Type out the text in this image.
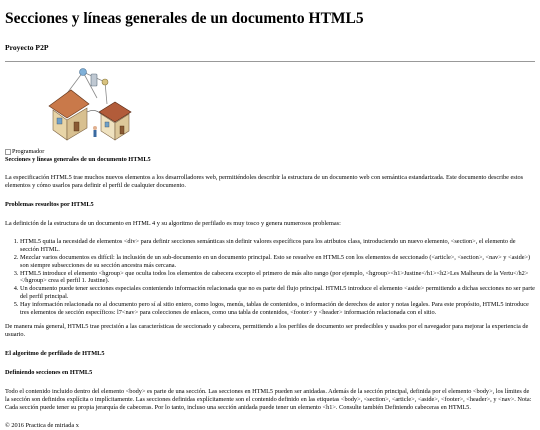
Secciones y líneas generales de un documento HTML5
Proyecto P2P
Programador
Secciones y líneas generales de un documento HTML5

La especificación HTML5 trae muchos nuevos elementos a los desarrolladores web, permitiéndoles describir la estructura de un documento web con semántica estandarizada. Este documento describe estos elementos y cómo usarlos para definir el perfil de cualquier documento.

Problemas resueltos por HTML5

La definición de la estructura de un documento en HTML 4 y su algoritmo de perfilado es muy tosco y genera numerosos problemas:

1. HTML5 quita la necesidad de elementos <div> para definir secciones semánticas sin definir valores específicos para los atributos class, introduciendo un nuevo elemento, <section>, el elemento de sección HTML.
2. Mezclar varios documentos es difícil: la inclusión de un sub-documento en un documento principal. Esto se resuelve en HTML5 con los elementos de seccionado (<article>, <section>, <nav> y <aside>) son siempre subsecciones de su sección ancestra más cercana.
3. HTML5 introduce el elemento <hgroup> que oculta todos los elementos de cabecera excepto el primero de más alto rango (por ejemplo, <hgroup><h1>Justine</h1><h2>Les Malheurs de la Vertu</h2></hgroup> crea el perfil 1. Justine).
4. Un documento puede tener secciones especiales conteniendo información relacionada que no es parte del flujo principal. HTML5 introduce el elemento <aside> permitiendo a dichas secciones no ser parte del perfil principal.
5. Hay información relacionada no al documento pero sí al sitio entero, como logos, menús, tablas de contenidos, o información de derechos de autor y notas legales. Para este propósito, HTML5 introduce tres elementos de sección específicos: l7<nav> para colecciones de enlaces, como una tabla de contenidos, <footer> y <header> información relacionada con el sitio.

De manera más general, HTML5 trae precisión a las características de seccionado y cabecera, permitiendo a los perfiles de documento ser predecibles y usados por el navegador para mejorar la experiencia de usuario.

El algoritmo de perfilado de HTML5
Definiendo secciones en HTML5

Todo el contenido incluido dentro del elemento <body> es parte de una sección. Las secciones en HTML5 pueden ser anidadas. Además de la sección principal, definida por el elemento <body>, los límites de la sección son definidos explícita o implícitamente. Las secciones definidas explícitamente son el contenido definido en las etiquetas <body>, <section>, <article>, <aside>, <footer>, <header>, y <nav>. Nota: Cada sección puede tener su propia jerarquía de cabeceras. Por lo tanto, incluso una sección anidada puede tener un elemento <h1>. Consulte también Definiendo cabeceras en HTML5.

© 2016 Practica de miriada x
